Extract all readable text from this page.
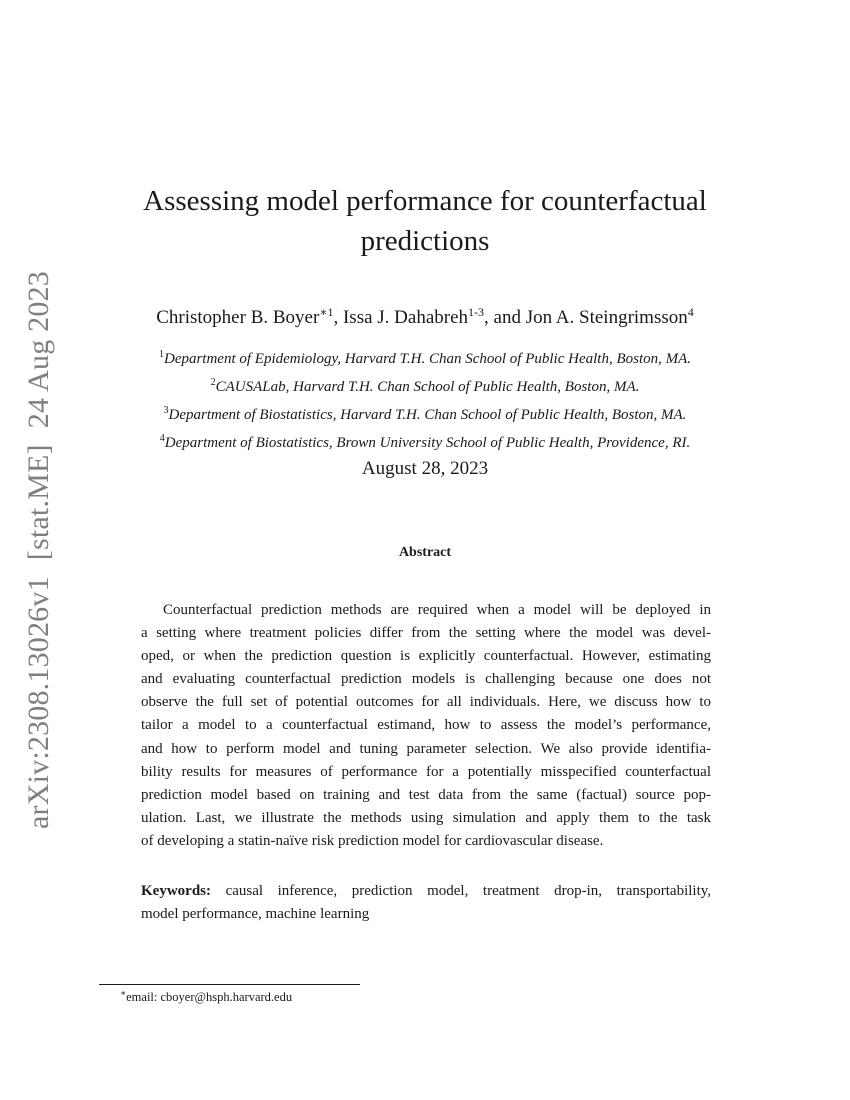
arXiv:2308.13026v1[stat.ME]24 Aug 2023
Assessing model performance for counterfactual
predictions
Christopher B. Boyer$^{∗1}$, Issa J. Dahabreh$^{1-3}$, and Jon A. Steingrimsson$^4$
$^1$Department of Epidemiology, Harvard T.H. Chan School of Public Health, Boston, MA.
$^2$CAUSALab, Harvard T.H. Chan School of Public Health, Boston, MA.
$^3$Department of Biostatistics, Harvard T.H. Chan School of Public Health, Boston, MA.
$^4$Department of Biostatistics, Brown University School of Public Health, Providence, RI.
August 28, 2023
Abstract
Counterfactual prediction methods are required when a model will be deployed in
a setting where treatment policies differ from the setting where the model was devel-
oped, or when the prediction question is explicitly counterfactual. However, estimating
and evaluating counterfactual prediction models is challenging because one does not
observe the full set of potential outcomes for all individuals. Here, we discuss how to
tailor a model to a counterfactual estimand, how to assess the model’s performance,
and how to perform model and tuning parameter selection. We also provide identifia-
bility results for measures of performance for a potentially misspecified counterfactual
prediction model based on training and test data from the same (factual) source pop-
ulation. Last, we illustrate the methods using simulation and apply them to the task
of developing a statin-naïve risk prediction model for cardiovascular disease.
Keywords: causal inference, prediction model, treatment drop-in, transportability,
model performance, machine learning
∗email: cboyer@hsph.harvard.edu
